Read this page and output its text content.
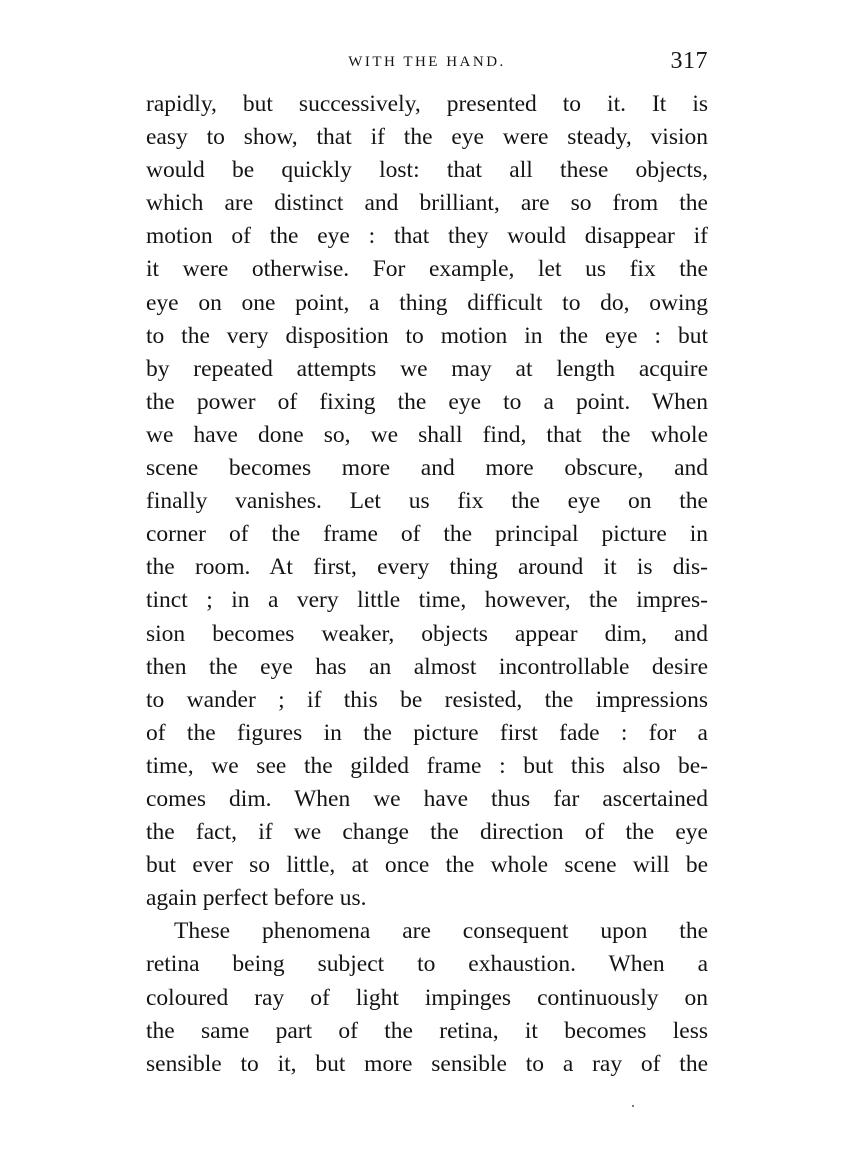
WITH THE HAND.	317
rapidly, but successively, presented to it. It is
easy to show, that if the eye were steady, vision
would be quickly lost: that all these objects,
which are distinct and brilliant, are so from the
motion of the eye : that they would disappear if
it were otherwise. For example, let us fix the
eye on one point, a thing difficult to do, owing
to the very disposition to motion in the eye : but
by repeated attempts we may at length acquire
the power of fixing the eye to a point. When
we have done so, we shall find, that the whole
scene becomes more and more obscure, and
finally vanishes. Let us fix the eye on the
corner of the frame of the principal picture in
the room. At first, every thing around it is dis-
tinct ; in a very little time, however, the impres-
sion becomes weaker, objects appear dim, and
then the eye has an almost incontrollable desire
to wander ; if this be resisted, the impressions
of the figures in the picture first fade : for a
time, we see the gilded frame : but this also be-
comes dim. When we have thus far ascertained
the fact, if we change the direction of the eye
but ever so little, at once the whole scene will be
again perfect before us.
These phenomena are consequent upon the
retina being subject to exhaustion. When a
coloured ray of light impinges continuously on
the same part of the retina, it becomes less
sensible to it, but more sensible to a ray of the
